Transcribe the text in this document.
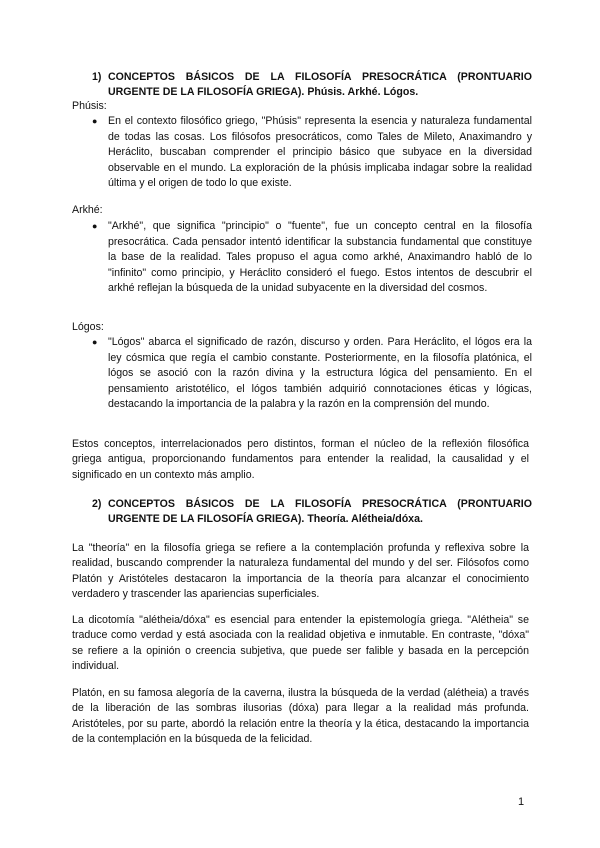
1) CONCEPTOS BÁSICOS DE LA FILOSOFÍA PRESOCRÁTICA (PRONTUARIO URGENTE DE LA FILOSOFÍA GRIEGA). Phúsis. Arkhé. Lógos.
Phúsis:
● En el contexto filosófico griego, "Phúsis" representa la esencia y naturaleza fundamental de todas las cosas. Los filósofos presocráticos, como Tales de Mileto, Anaximandro y Heráclito, buscaban comprender el principio básico que subyace en la diversidad observable en el mundo. La exploración de la phúsis implicaba indagar sobre la realidad última y el origen de todo lo que existe.
Arkhé:
● "Arkhé", que significa "principio" o "fuente", fue un concepto central en la filosofía presocrática. Cada pensador intentó identificar la substancia fundamental que constituye la base de la realidad. Tales propuso el agua como arkhé, Anaximandro habló de lo "infinito" como principio, y Heráclito consideró el fuego. Estos intentos de descubrir el arkhé reflejan la búsqueda de la unidad subyacente en la diversidad del cosmos.
Lógos:
● "Lógos" abarca el significado de razón, discurso y orden. Para Heráclito, el lógos era la ley cósmica que regía el cambio constante. Posteriormente, en la filosofía platónica, el lógos se asoció con la razón divina y la estructura lógica del pensamiento. En el pensamiento aristotélico, el lógos también adquirió connotaciones éticas y lógicas, destacando la importancia de la palabra y la razón en la comprensión del mundo.
Estos conceptos, interrelacionados pero distintos, forman el núcleo de la reflexión filosófica griega antigua, proporcionando fundamentos para entender la realidad, la causalidad y el significado en un contexto más amplio.
2) CONCEPTOS BÁSICOS DE LA FILOSOFÍA PRESOCRÁTICA (PRONTUARIO URGENTE DE LA FILOSOFÍA GRIEGA). Theoría. Alétheia/dóxa.
La "theoría" en la filosofía griega se refiere a la contemplación profunda y reflexiva sobre la realidad, buscando comprender la naturaleza fundamental del mundo y del ser. Filósofos como Platón y Aristóteles destacaron la importancia de la theoría para alcanzar el conocimiento verdadero y trascender las apariencias superficiales.
La dicotomía "alétheia/dóxa" es esencial para entender la epistemología griega. "Alétheia" se traduce como verdad y está asociada con la realidad objetiva e inmutable. En contraste, "dóxa" se refiere a la opinión o creencia subjetiva, que puede ser falible y basada en la percepción individual.
Platón, en su famosa alegoría de la caverna, ilustra la búsqueda de la verdad (alétheia) a través de la liberación de las sombras ilusorias (dóxa) para llegar a la realidad más profunda. Aristóteles, por su parte, abordó la relación entre la theoría y la ética, destacando la importancia de la contemplación en la búsqueda de la felicidad.
1
